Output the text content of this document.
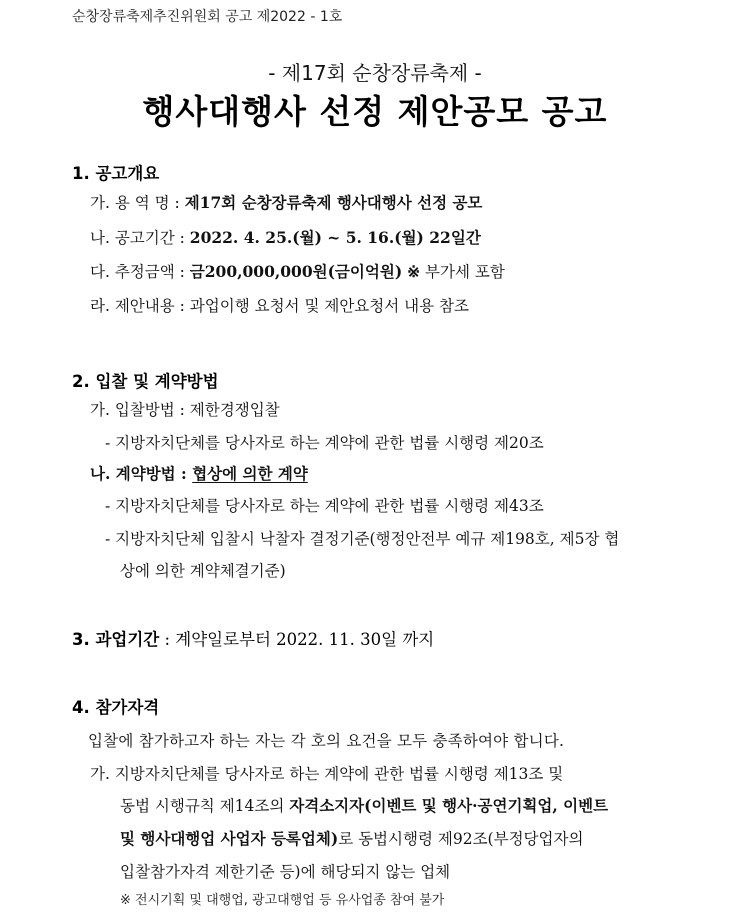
순창장류축제추진위원회 공고 제2022 - 1호
- 제17회 순창장류축제 -
행사대행사 선정 제안공모 공고
1. 공고개요
가. 용 역 명 : 제17회 순창장류축제 행사대행사 선정 공모
나. 공고기간 : 2022. 4. 25.(월) ~ 5. 16.(월) 22일간
다. 추정금액 : 금200,000,000원(금이억원) ※ 부가세 포함
라. 제안내용 : 과업이행 요청서 및 제안요청서 내용 참조
2. 입찰 및 계약방법
가. 입찰방법 : 제한경쟁입찰
- 지방자치단체를 당사자로 하는 계약에 관한 법률 시행령 제20조
나. 계약방법 : 협상에 의한 계약
- 지방자치단체를 당사자로 하는 계약에 관한 법률 시행령 제43조
- 지방자치단체 입찰시 낙찰자 결정기준(행정안전부 예규 제198호, 제5장 협
상에 의한 계약체결기준)
3. 과업기간 : 계약일로부터 2022. 11. 30일 까지
4. 참가자격
입찰에 참가하고자 하는 자는 각 호의 요건을 모두 충족하여야 합니다.
가. 지방자치단체를 당사자로 하는 계약에 관한 법률 시행령 제13조 및
동법 시행규칙 제14조의 자격소지자(이벤트 및 행사·공연기획업, 이벤트
및 행사대행업 사업자 등록업체)로 동법시행령 제92조(부정당업자의
입찰참가자격 제한기준 등)에 해당되지 않는 업체
※ 전시기획 및 대행업, 광고대행업 등 유사업종 참여 불가
